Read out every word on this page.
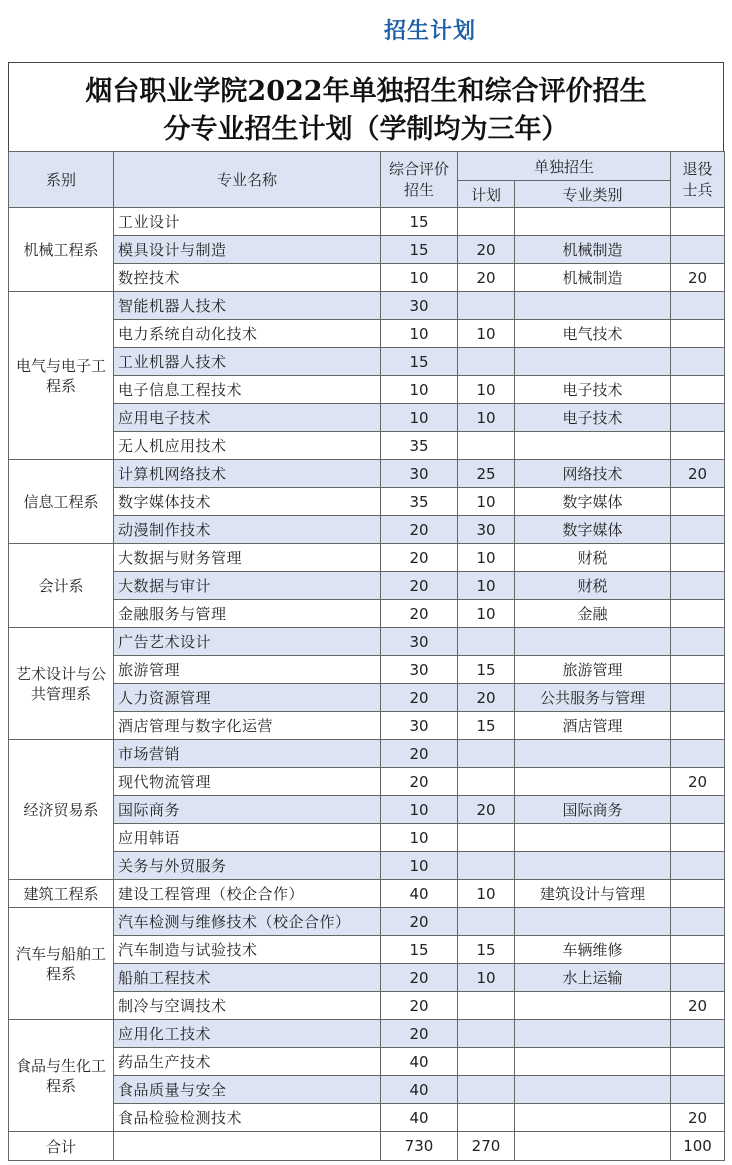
招生计划
烟台职业学院2022年单独招生和综合评价招生
分专业招生计划（学制均为三年）
系别	专业名称	综合评价招生	单独招生		退役士兵
			计划	专业类别	
机械工程系	工业设计	15			
	模具设计与制造	15	20	机械制造	
	数控技术	10	20	机械制造	20
电气与电子工程系	智能机器人技术	30			
	电力系统自动化技术	10	10	电气技术	
	工业机器人技术	15			
	电子信息工程技术	10	10	电子技术	
	应用电子技术	10	10	电子技术	
	无人机应用技术	35			
信息工程系	计算机网络技术	30	25	网络技术	20
	数字媒体技术	35	10	数字媒体	
	动漫制作技术	20	30	数字媒体	
会计系	大数据与财务管理	20	10	财税	
	大数据与审计	20	10	财税	
	金融服务与管理	20	10	金融	
艺术设计与公共管理系	广告艺术设计	30			
	旅游管理	30	15	旅游管理	
	人力资源管理	20	20	公共服务与管理	
	酒店管理与数字化运营	30	15	酒店管理	
经济贸易系	市场营销	20			
	现代物流管理	20			20
	国际商务	10	20	国际商务	
	应用韩语	10			
	关务与外贸服务	10			
建筑工程系	建设工程管理（校企合作）	40	10	建筑设计与管理	
汽车与船舶工程系	汽车检测与维修技术（校企合作）	20			
	汽车制造与试验技术	15	15	车辆维修	
	船舶工程技术	20	10	水上运输	
	制冷与空调技术	20			20
食品与生化工程系	应用化工技术	20			
	药品生产技术	40			
	食品质量与安全	40			
	食品检验检测技术	40			20
合计		730	270		100
